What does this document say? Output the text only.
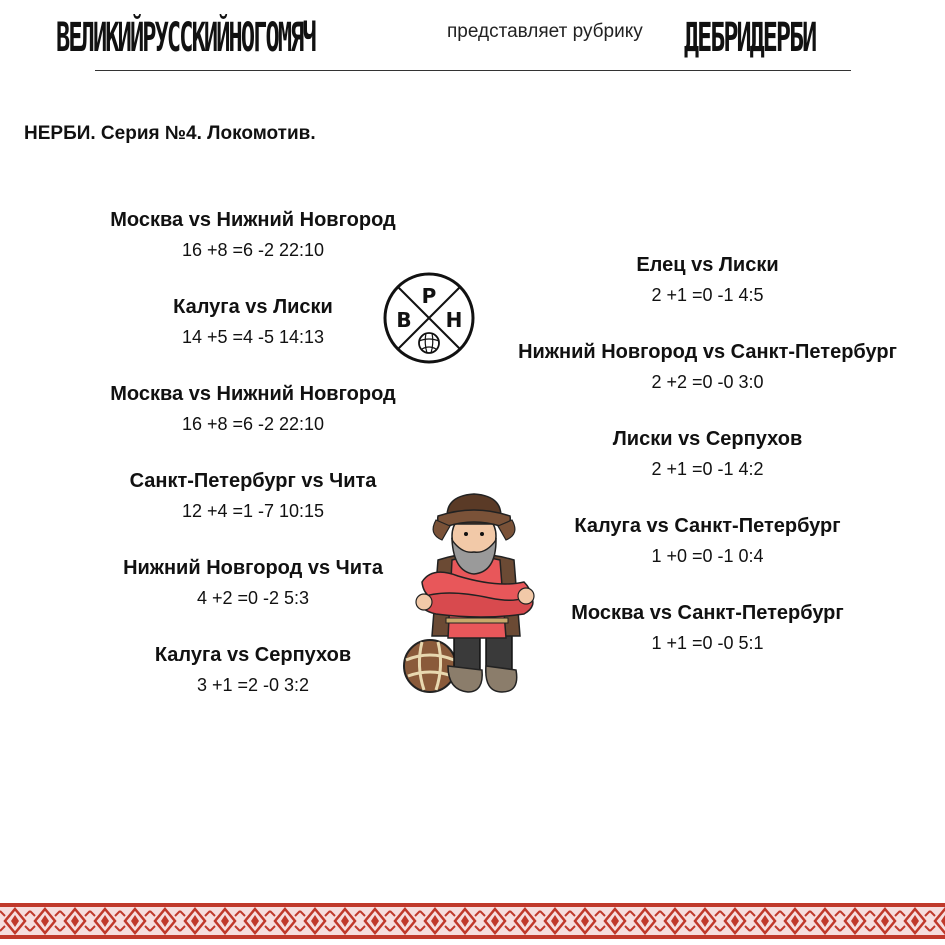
ВЕЛИКИЙРУССКИЙНОГОМЯЧ	представляет рубрику ДЕБРИДЕРБИ
НЕРБИ. Серия №4. Локомотив.
Москва vs Нижний Новгород
16 +8 =6 -2 22:10
Калуга vs Лиски
14 +5 =4 -5 14:13
Москва vs Нижний Новгород
16 +8 =6 -2 22:10
Санкт-Петербург vs Чита
12 +4 =1 -7 10:15
Нижний Новгород vs Чита
4 +2 =0 -2 5:3
Калуга vs Серпухов
3 +1 =2 -0 3:2
Елец vs Лиски
2 +1 =0 -1 4:5
Нижний Новгород vs Санкт-Петербург
2 +2 =0 -0 3:0
Лиски vs Серпухов
2 +1 =0 -1 4:2
Калуга vs Санкт-Петербург
1 +0 =0 -1 0:4
Москва vs Санкт-Петербург
1 +1 =0 -0 5:1
Р
В Н
